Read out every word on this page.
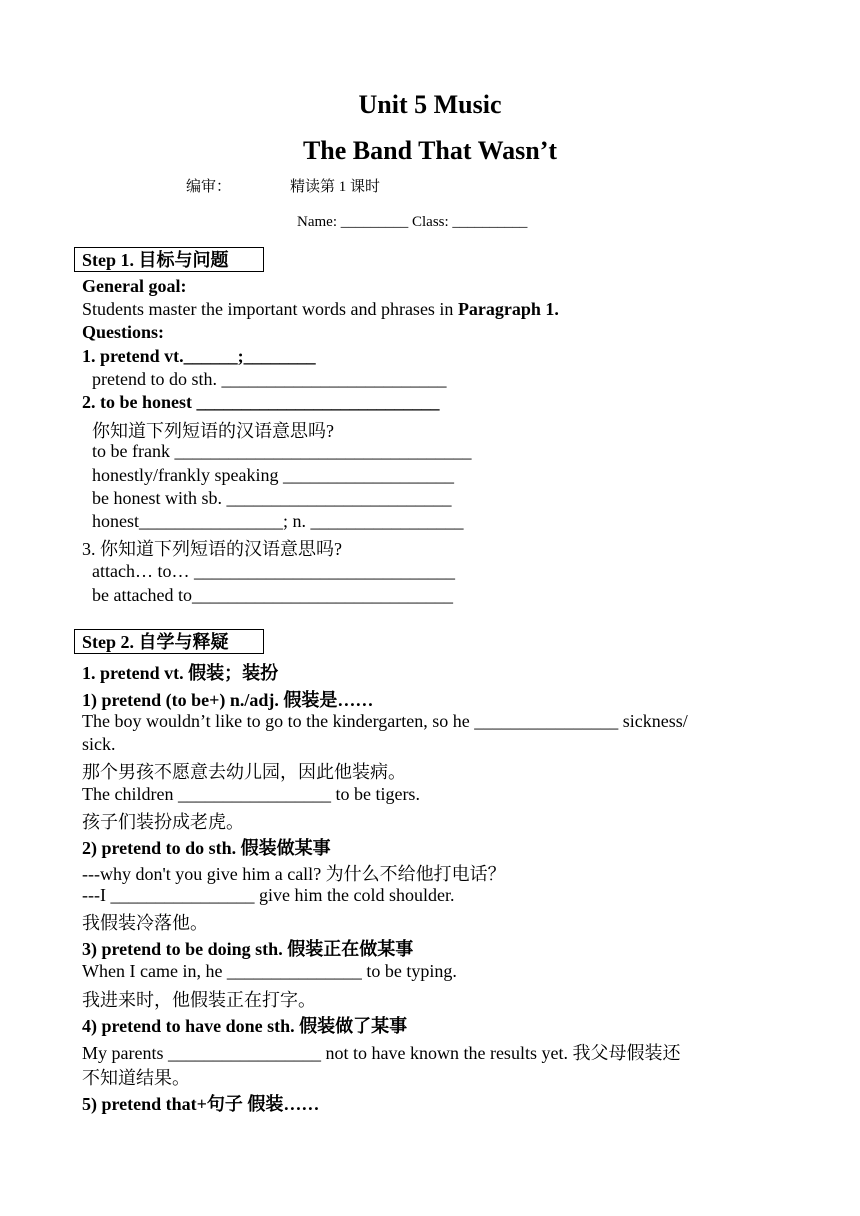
Unit 5 Music
The Band That Wasn’t
编审：	精读第 1 课时
Name: _________ Class: __________
Step 1. 目标与问题
General goal:
Students master the important words and phrases in Paragraph 1.
Questions:
1. pretend vt.______;________
pretend to do sth. _________________________
2. to be honest ___________________________
你知道下列短语的汉语意思吗?
to be frank _________________________________
honestly/frankly speaking ___________________
be honest with sb. _________________________
honest________________; n. _________________
3. 你知道下列短语的汉语意思吗?
attach… to… _____________________________
be attached to_____________________________
Step 2. 自学与释疑
1. pretend vt. 假装；装扮
1) pretend (to be+) n./adj. 假装是……
The boy wouldn’t like to go to the kindergarten, so he ________________ sickness/
sick.
那个男孩不愿意去幼儿园，因此他装病。
The children _________________ to be tigers.
孩子们装扮成老虎。
2) pretend to do sth. 假装做某事
---why don't you give him a call? 为什么不给他打电话？
---I ________________ give him the cold shoulder.
我假装冷落他。
3) pretend to be doing sth. 假装正在做某事
When I came in, he _______________ to be typing.
我进来时，他假装正在打字。
4) pretend to have done sth. 假装做了某事
My parents _________________ not to have known the results yet. 我父母假装还
不知道结果。
5) pretend that+句子 假装……
